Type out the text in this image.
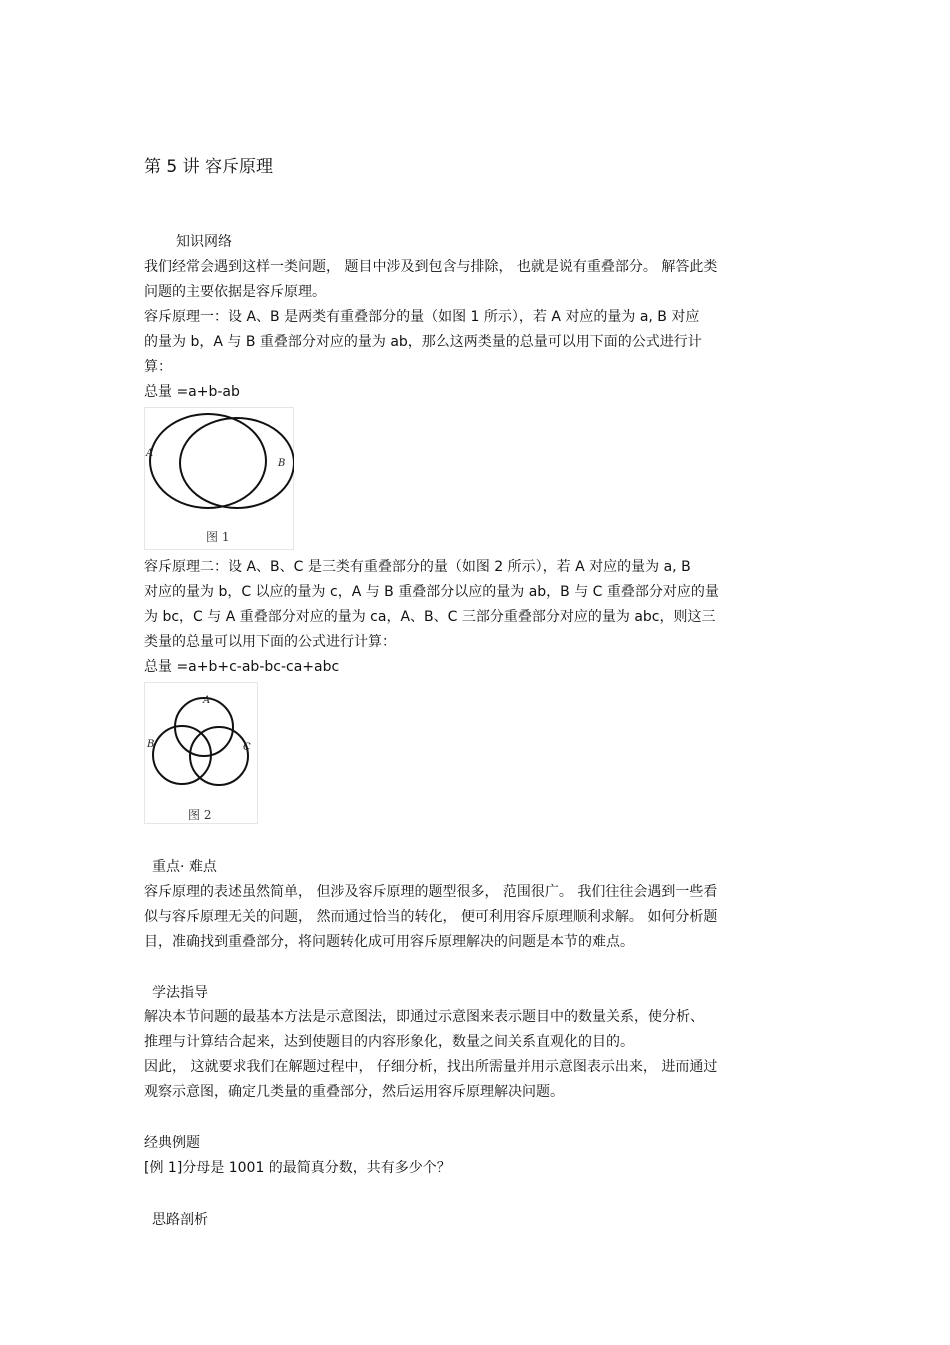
第 5 讲 容斥原理
知识网络
我们经常会遇到这样一类问题， 题目中涉及到包含与排除， 也就是说有重叠部分。 解答此类
问题的主要依据是容斥原理。
容斥原理一：设 A、B 是两类有重叠部分的量（如图 1 所示），若 A 对应的量为 a, B 对应
的量为 b，A 与 B 重叠部分对应的量为 ab，那么这两类量的总量可以用下面的公式进行计
算：
总量 =a+b-ab
A
B
图 1
容斥原理二：设 A、B、C 是三类有重叠部分的量（如图 2 所示），若 A 对应的量为 a, B
对应的量为 b，C 以应的量为 c，A 与 B 重叠部分以应的量为 ab，B 与 C 重叠部分对应的量
为 bc，C 与 A 重叠部分对应的量为 ca，A、B、C 三部分重叠部分对应的量为 abc，则这三
类量的总量可以用下面的公式进行计算：
总量 =a+b+c-ab-bc-ca+abc
A
B	C
图 2
重点· 难点
容斥原理的表述虽然简单， 但涉及容斥原理的题型很多， 范围很广。 我们往往会遇到一些看
似与容斥原理无关的问题， 然而通过恰当的转化， 便可利用容斥原理顺利求解。 如何分析题
目，准确找到重叠部分，将问题转化成可用容斥原理解决的问题是本节的难点。
学法指导
解决本节问题的最基本方法是示意图法，即通过示意图来表示题目中的数量关系，使分析、
推理与计算结合起来，达到使题目的内容形象化，数量之间关系直观化的目的。
因此， 这就要求我们在解题过程中， 仔细分析，找出所需量并用示意图表示出来， 进而通过
观察示意图，确定几类量的重叠部分，然后运用容斥原理解决问题。
经典例题
[例 1]分母是 1001 的最简真分数，共有多少个？
思路剖析
